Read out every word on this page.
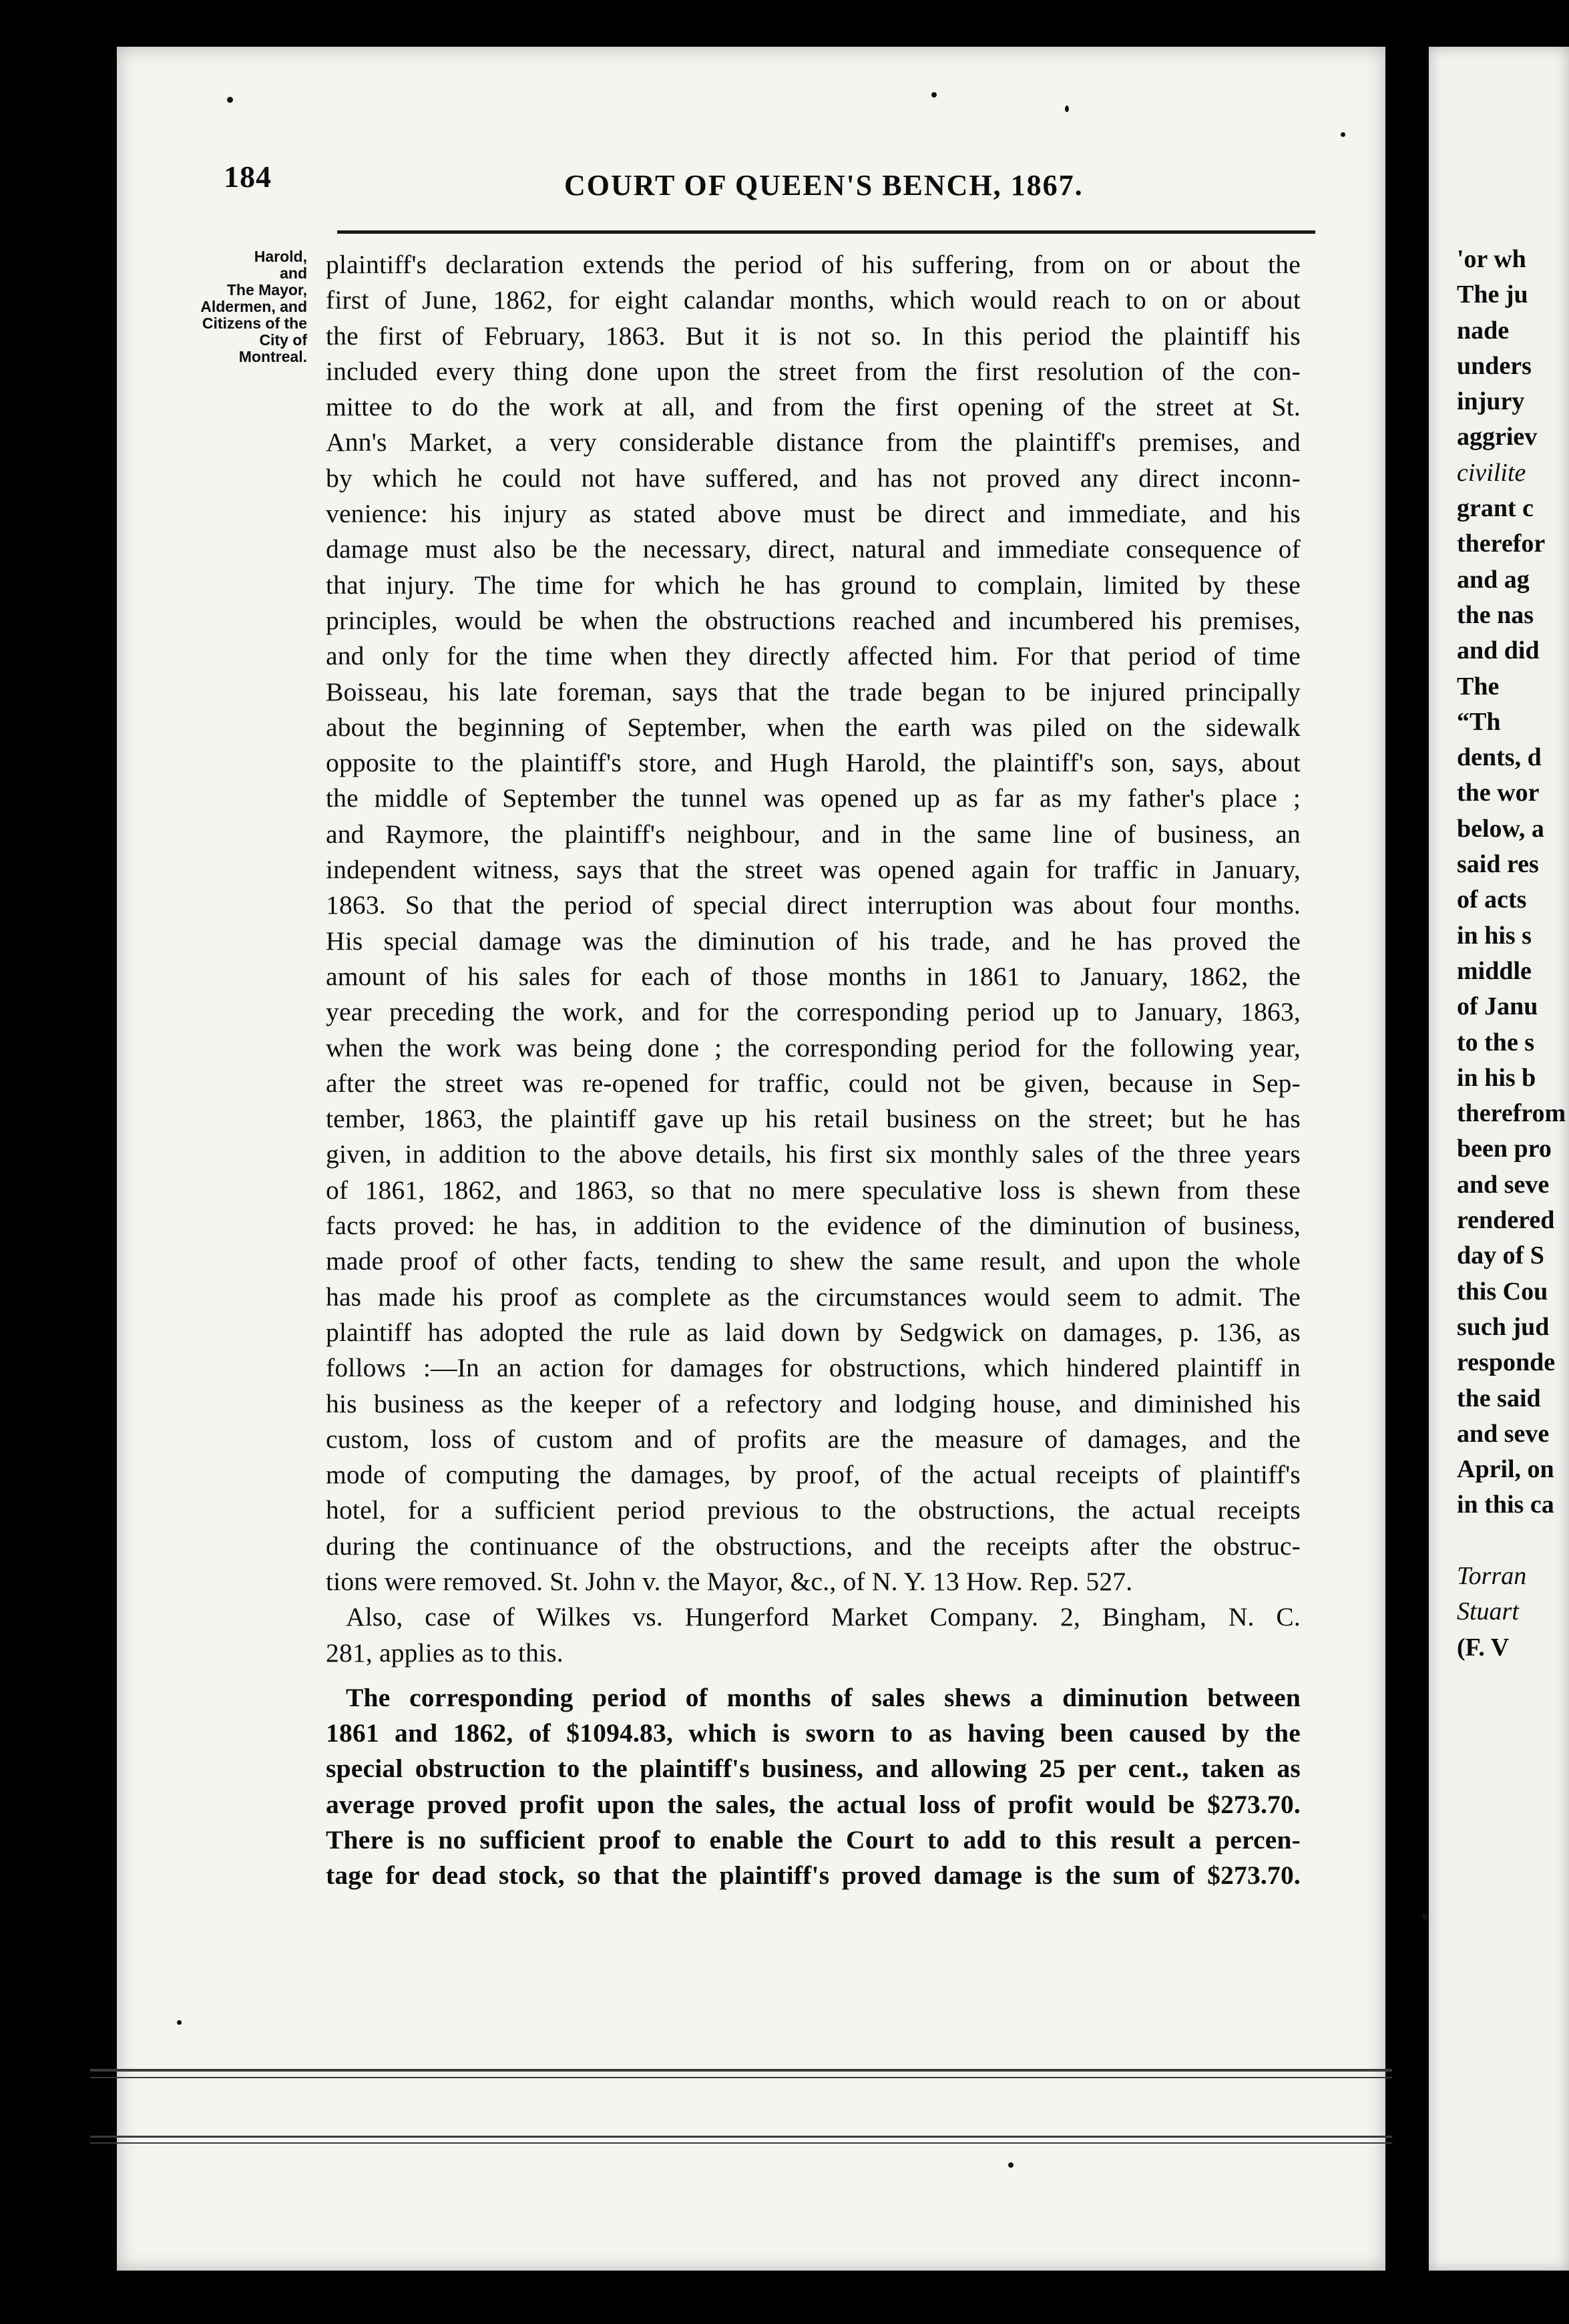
184	COURT OF QUEEN'S BENCH, 1867.
Harold,
and
The Mayor,
Aldermen, and
Citizens of the
City of
Montreal.
plaintiff's declaration extends the period of his suffering, from on or about the
first of June, 1862, for eight calandar months, which would reach to on or about
the first of February, 1863. But it is not so. In this period the plaintiff his
included every thing done upon the street from the first resolution of the con-
mittee to do the work at all, and from the first opening of the street at St.
Ann's Market, a very considerable distance from the plaintiff's premises, and
by which he could not have suffered, and has not proved any direct inconn-
venience: his injury as stated above must be direct and immediate, and his
damage must also be the necessary, direct, natural and immediate consequence of
that injury. The time for which he has ground to complain, limited by these
principles, would be when the obstructions reached and incumbered his premises,
and only for the time when they directly affected him. For that period of time
Boisseau, his late foreman, says that the trade began to be injured principally
about the beginning of September, when the earth was piled on the sidewalk
opposite to the plaintiff's store, and Hugh Harold, the plaintiff's son, says, about
the middle of September the tunnel was opened up as far as my father's place ;
and Raymore, the plaintiff's neighbour, and in the same line of business, an
independent witness, says that the street was opened again for traffic in January,
1863. So that the period of special direct interruption was about four months.
His special damage was the diminution of his trade, and he has proved the
amount of his sales for each of those months in 1861 to January, 1862, the
year preceding the work, and for the corresponding period up to January, 1863,
when the work was being done ; the corresponding period for the following year,
after the street was re-opened for traffic, could not be given, because in Sep-
tember, 1863, the plaintiff gave up his retail business on the street; but he has
given, in addition to the above details, his first six monthly sales of the three years
of 1861, 1862, and 1863, so that no mere speculative loss is shewn from these
facts proved: he has, in addition to the evidence of the diminution of business,
made proof of other facts, tending to shew the same result, and upon the whole
has made his proof as complete as the circumstances would seem to admit. The
plaintiff has adopted the rule as laid down by Sedgwick on damages, p. 136, as
follows :—In an action for damages for obstructions, which hindered plaintiff in
his business as the keeper of a refectory and lodging house, and diminished his
custom, loss of custom and of profits are the measure of damages, and the
mode of computing the damages, by proof, of the actual receipts of plaintiff's
hotel, for a sufficient period previous to the obstructions, the actual receipts
during the continuance of the obstructions, and the receipts after the obstruc-
tions were removed. St. John v. the Mayor, &c., of N. Y. 13 How. Rep. 527.
Also, case of Wilkes vs. Hungerford Market Company. 2, Bingham, N. C.
281, applies as to this.
The corresponding period of months of sales shews a diminution between
1861 and 1862, of $1094.83, which is sworn to as having been caused by the
special obstruction to the plaintiff's business, and allowing 25 per cent., taken as
average proved profit upon the sales, the actual loss of profit would be $273.70.
There is no sufficient proof to enable the Court to add to this result a percen-
tage for dead stock, so that the plaintiff's proved damage is the sum of $273.70.
'or wh
The ju
nade
unders
injury
aggriev
civilite
grant c
therefor
and ag
the nas
and did
The
“Th
dents, d
the wor
below, a
said res
of acts
in his s
middle
of Janu
to the s
in his b
therefrom
been pro
and seve
rendered
day of S
this Cou
such jud
responde
the said
and seve
April, on
in this ca
Torran
Stuart
(F. V
